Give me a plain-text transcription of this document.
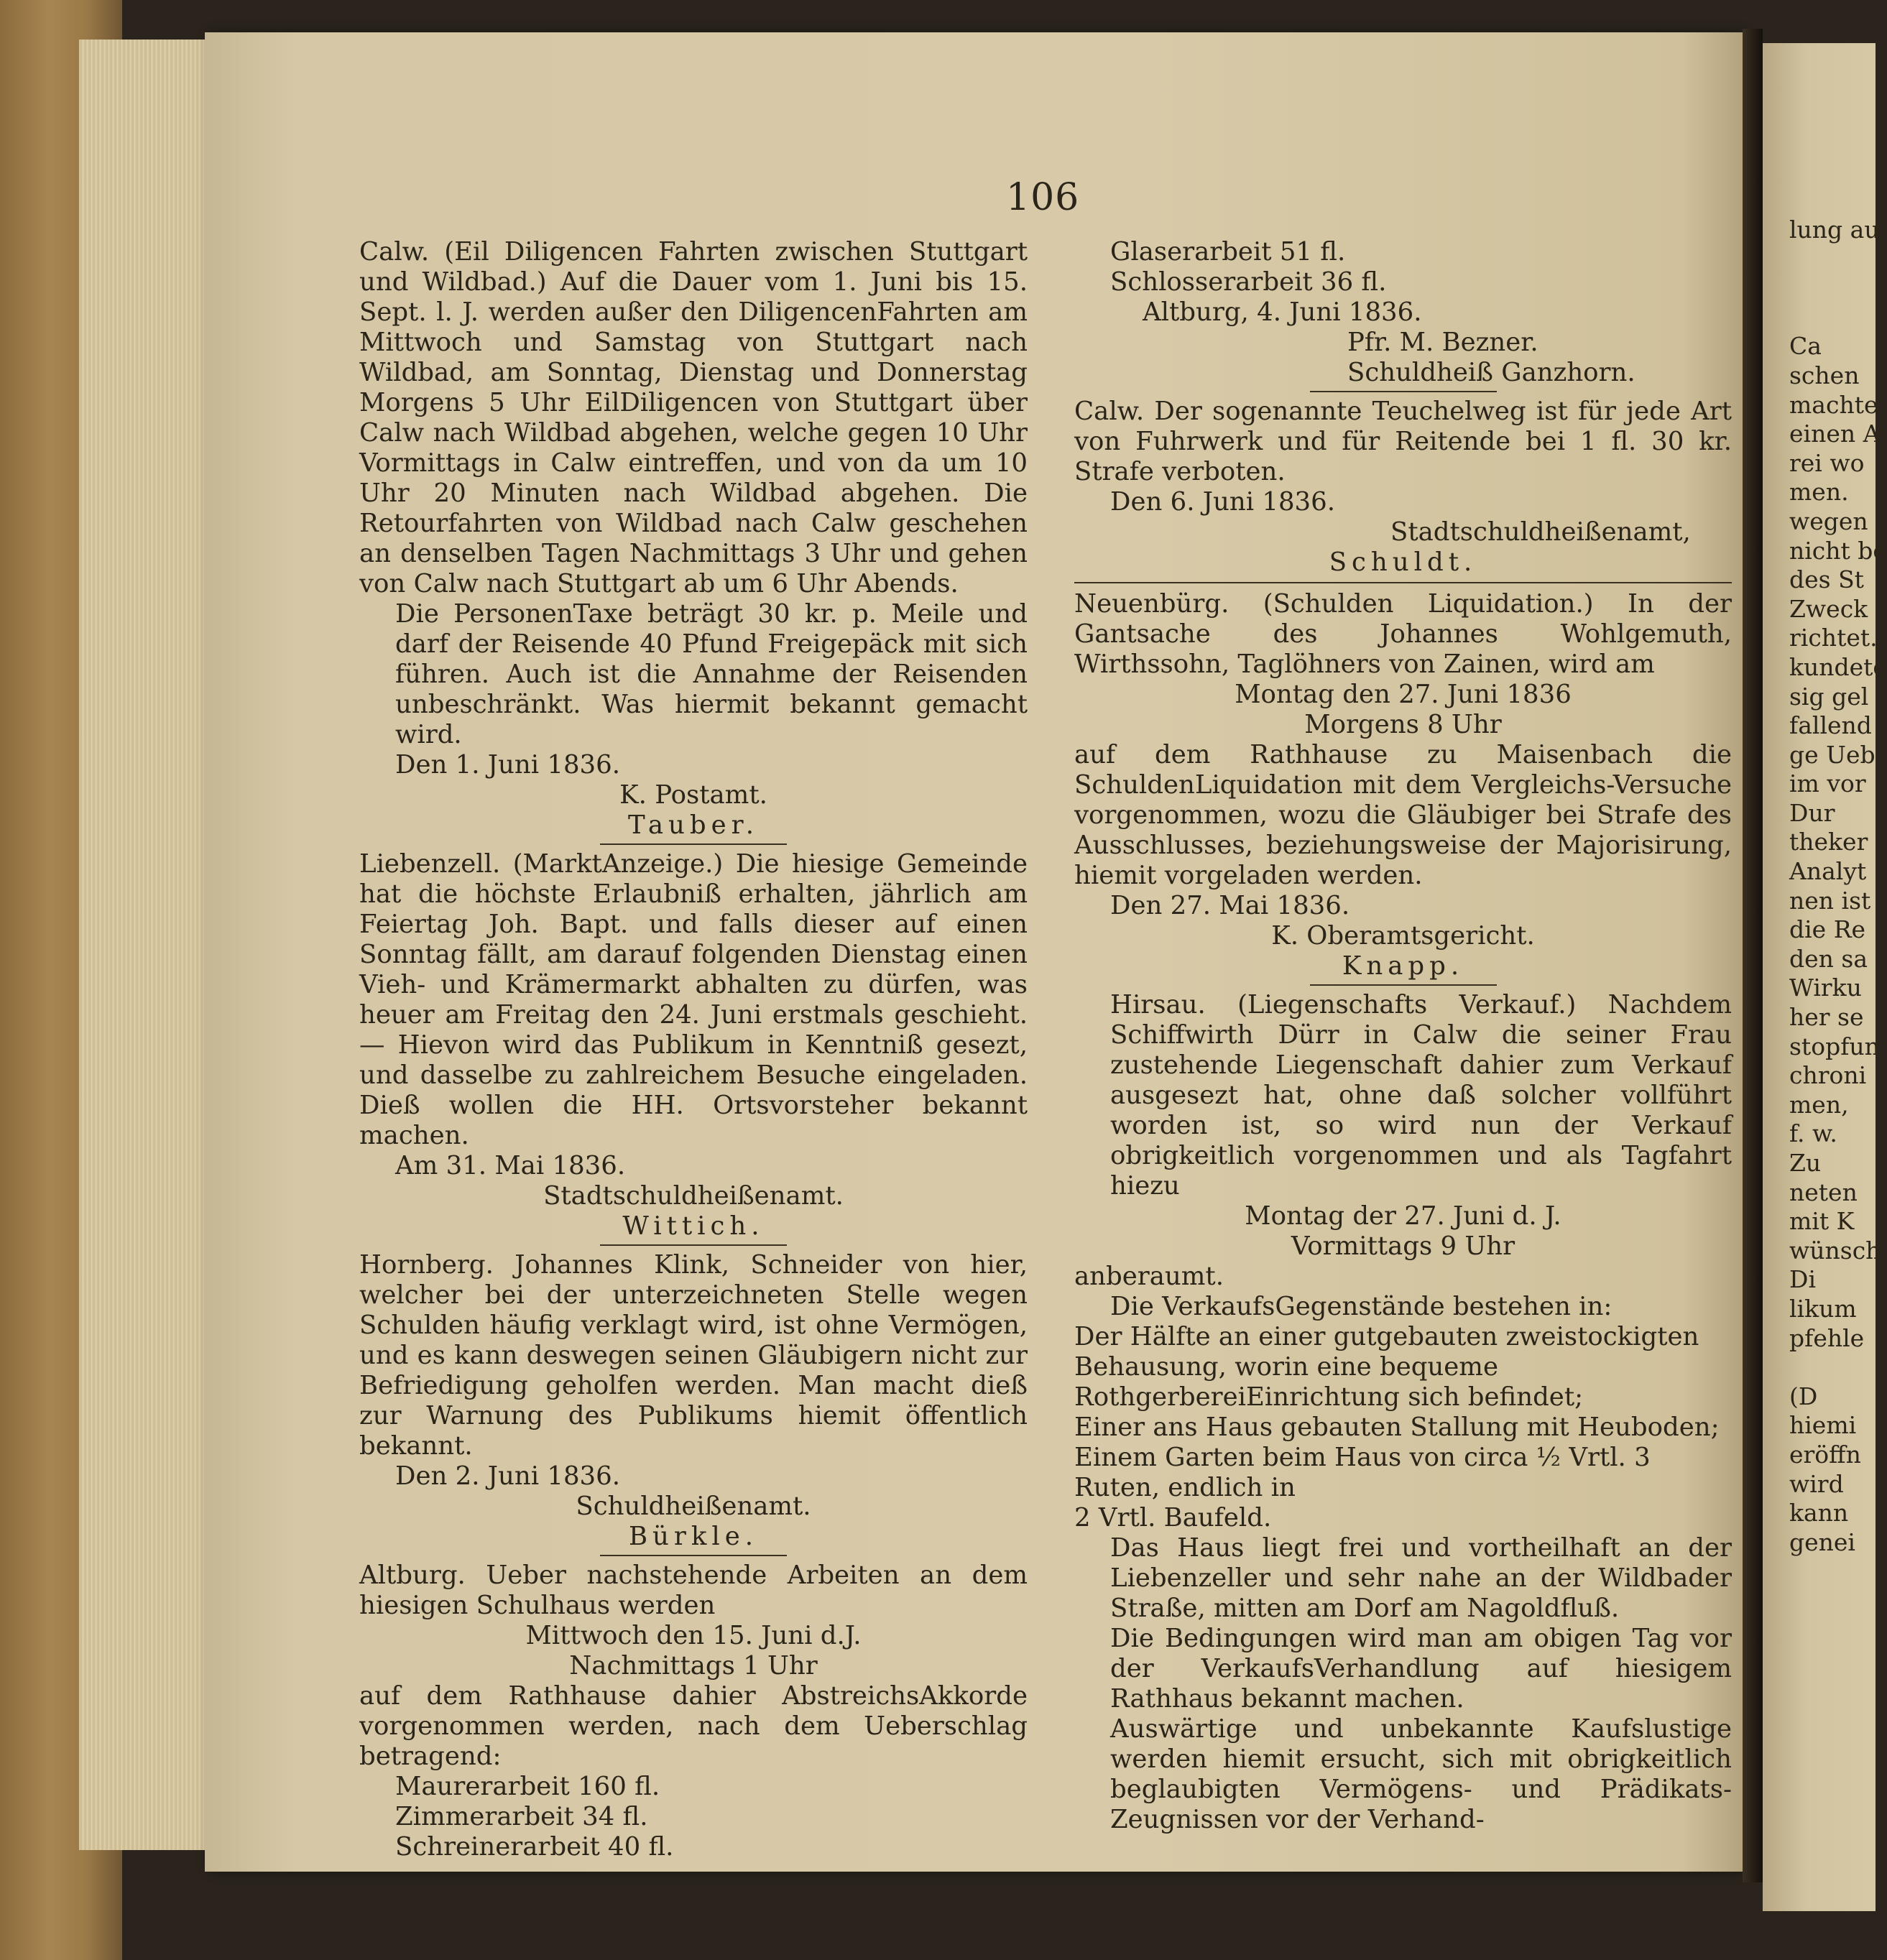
106

Calw. (Eil Diligencen Fahrten zwischen Stuttgart und Wildbad.) Auf die Dauer vom 1. Juni bis 15. Sept. l. J. werden außer den DiligencenFahrten am Mittwoch und Samstag von Stuttgart nach Wildbad, am Sonntag, Dienstag und Donnerstag Morgens 5 Uhr EilDiligencen von Stuttgart über Calw nach Wildbad abgehen, welche gegen 10 Uhr Vormittags in Calw eintreffen, und von da um 10 Uhr 20 Minuten nach Wildbad abgehen. Die Retourfahrten von Wildbad nach Calw geschehen an denselben Tagen Nachmittags 3 Uhr und gehen von Calw nach Stuttgart ab um 6 Uhr Abends.

Die PersonenTaxe beträgt 30 kr. p. Meile und darf der Reisende 40 Pfund Freigepäck mit sich führen. Auch ist die Annahme der Reisenden unbeschränkt. Was hiermit bekannt gemacht wird.

Den 1. Juni 1836.

K. Postamt.

Tauber.

Liebenzell. (MarktAnzeige.) Die hiesige Gemeinde hat die höchste Erlaubniß erhalten, jährlich am Feiertag Joh. Bapt. und falls dieser auf einen Sonntag fällt, am darauf folgenden Dienstag einen Vieh- und Krämermarkt abhalten zu dürfen, was heuer am Freitag den 24. Juni erstmals geschieht.— Hievon wird das Publikum in Kenntniß gesezt, und dasselbe zu zahlreichem Besuche eingeladen. Dieß wollen die HH. Ortsvorsteher bekannt machen.

Am 31. Mai 1836.

Stadtschuldheißenamt.

Wittich.

Hornberg. Johannes Klink, Schneider von hier, welcher bei der unterzeichneten Stelle wegen Schulden häufig verklagt wird, ist ohne Vermögen, und es kann deswegen seinen Gläubigern nicht zur Befriedigung geholfen werden. Man macht dieß zur Warnung des Publikums hiemit öffentlich bekannt.

Den 2. Juni 1836.

Schuldheißenamt.

Bürkle.

Altburg. Ueber nachstehende Arbeiten an dem hiesigen Schulhaus werden

Mittwoch den 15. Juni d.J.

Nachmittags 1 Uhr

auf dem Rathhause dahier AbstreichsAkkorde vorgenommen werden, nach dem Ueberschlag betragend:

Maurerarbeit 160 fl.

Zimmerarbeit 34 fl.

Schreinerarbeit 40 fl.

Glaserarbeit 51 fl.

Schlosserarbeit 36 fl.

Altburg, 4. Juni 1836.

Pfr. M. Bezner.

Schuldheiß Ganzhorn.

Calw. Der sogenannte Teuchelweg ist für jede Art von Fuhrwerk und für Reitende bei 1 fl. 30 kr. Strafe verboten.

Den 6. Juni 1836.

Stadtschuldheißenamt,

Schuldt.

Neuenbürg. (Schulden Liquidation.) In der Gantsache des Johannes Wohlgemuth, Wirthssohn, Taglöhners von Zainen, wird am

Montag den 27. Juni 1836

Morgens 8 Uhr

auf dem Rathhause zu Maisenbach die SchuldenLiquidation mit dem Vergleichs-Versuche vorgenommen, wozu die Gläubiger bei Strafe des Ausschlusses, beziehungsweise der Majorisirung, hiemit vorgeladen werden.

Den 27. Mai 1836.

K. Oberamtsgericht.

Knapp.

Hirsau. (Liegenschafts Verkauf.) Nachdem Schiffwirth Dürr in Calw die seiner Frau zustehende Liegenschaft dahier zum Verkauf ausgesezt hat, ohne daß solcher vollführt worden ist, so wird nun der Verkauf obrigkeitlich vorgenommen und als Tagfahrt hiezu

Montag der 27. Juni d. J.

Vormittags 9 Uhr

anberaumt.

Die VerkaufsGegenstände bestehen in:

Der Hälfte an einer gutgebauten zweistockigten Behausung, worin eine bequeme RothgerbereiEinrichtung sich befindet;

Einer ans Haus gebauten Stallung mit Heuboden;

Einem Garten beim Haus von circa ½ Vrtl. 3 Ruten, endlich in

2 Vrtl. Baufeld.

Das Haus liegt frei und vortheilhaft an der Liebenzeller und sehr nahe an der Wildbader Straße, mitten am Dorf am Nagoldfluß.

Die Bedingungen wird man am obigen Tag vor der VerkaufsVerhandlung auf hiesigem Rathhaus bekannt machen.

Auswärtige und unbekannte Kaufslustige werden hiemit ersucht, sich mit obrigkeitlich beglaubigten Vermögens- und Prädikats-Zeugnissen vor der Verhand-

lung au

Ca

schen

machte

einen A

rei wo

men.

wegen

nicht be

des St

Zweck

richtet.

kundete

sig gel

fallend

ge Ueb

im vor

Dur

theker

Analyt

nen ist

die Re

den sa

Wirku

her se

stopfun

chroni

men,

f. w.

Zu

neten

mit K

wünsch

Di

likum

pfehle

(D

hiemi

eröffn

wird

kann

genei
